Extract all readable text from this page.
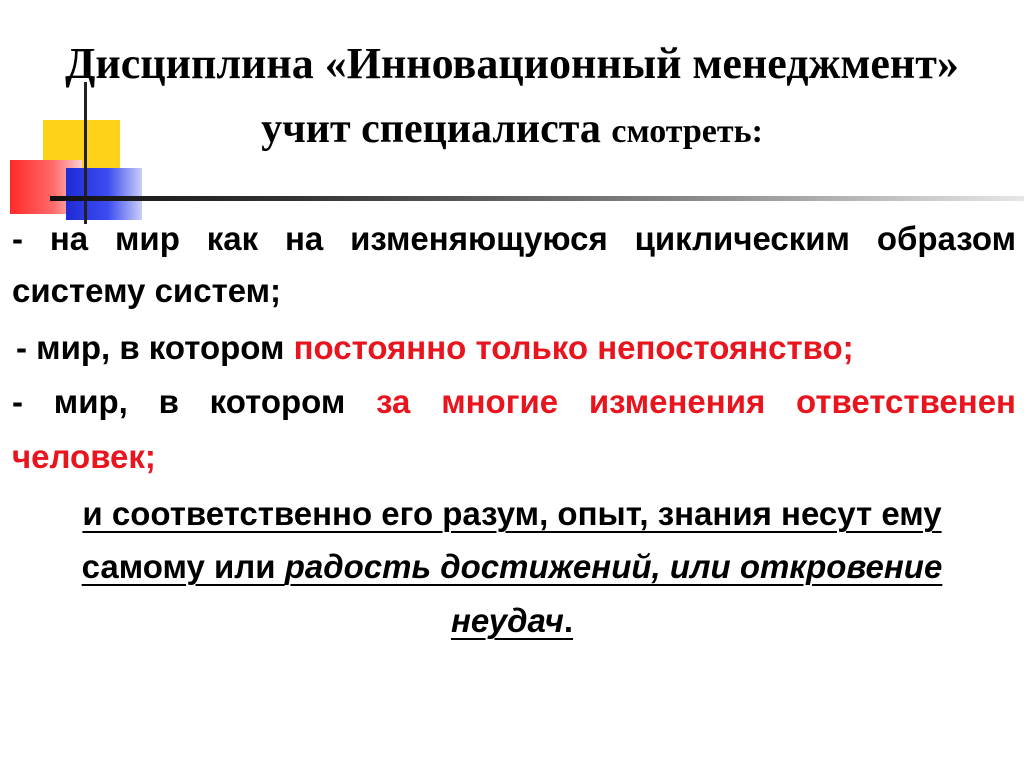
Дисциплина «Инновационный менеджмент»
учит специалиста смотреть:
- на мир как на изменяющуюся циклическим образом
систему систем;
- мир, в котором постоянно только непостоянство;
- мир, в котором за многие изменения ответственен
человек;
и соответственно его разум, опыт, знания несут ему
самому или радость достижений, или откровение
неудач.
